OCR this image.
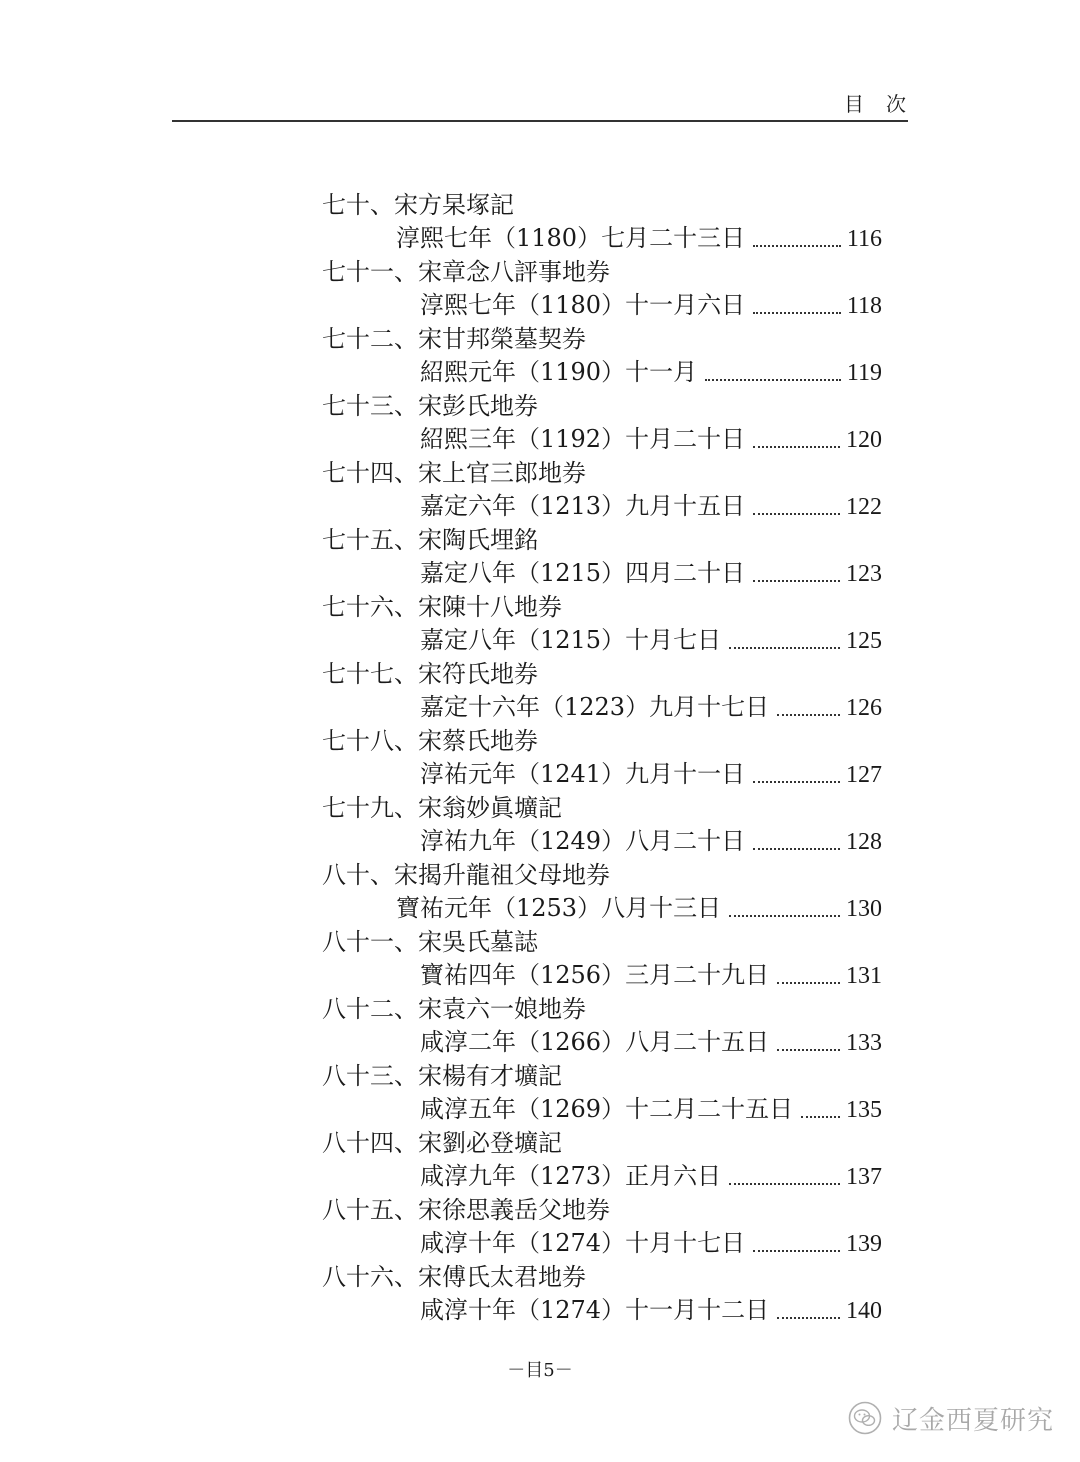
目次
七十、宋方杲塚記
淳熙七年（1180）七月二十三日	116
七十一、宋章念八評事地券
淳熙七年（1180）十一月六日	118
七十二、宋甘邦榮墓契券
紹熙元年（1190）十一月	119
七十三、宋彭氏地券
紹熙三年（1192）十月二十日	120
七十四、宋上官三郎地券
嘉定六年（1213）九月十五日	122
七十五、宋陶氏埋銘
嘉定八年（1215）四月二十日	123
七十六、宋陳十八地券
嘉定八年（1215）十月七日	125
七十七、宋符氏地券
嘉定十六年（1223）九月十七日	126
七十八、宋蔡氏地券
淳祐元年（1241）九月十一日	127
七十九、宋翁妙眞壙記
淳祐九年（1249）八月二十日	128
八十、宋揭升龍祖父母地券
寶祐元年（1253）八月十三日	130
八十一、宋吳氏墓誌
寶祐四年（1256）三月二十九日	131
八十二、宋袁六一娘地券
咸淳二年（1266）八月二十五日	133
八十三、宋楊有才壙記
咸淳五年（1269）十二月二十五日 135
八十四、宋劉必登壙記
咸淳九年（1273）正月六日	137
八十五、宋徐思義岳父地券
咸淳十年（1274）十月十七日	139
八十六、宋傅氏太君地券
咸淳十年（1274）十一月十二日	140
－目5－
辽金西夏研究
